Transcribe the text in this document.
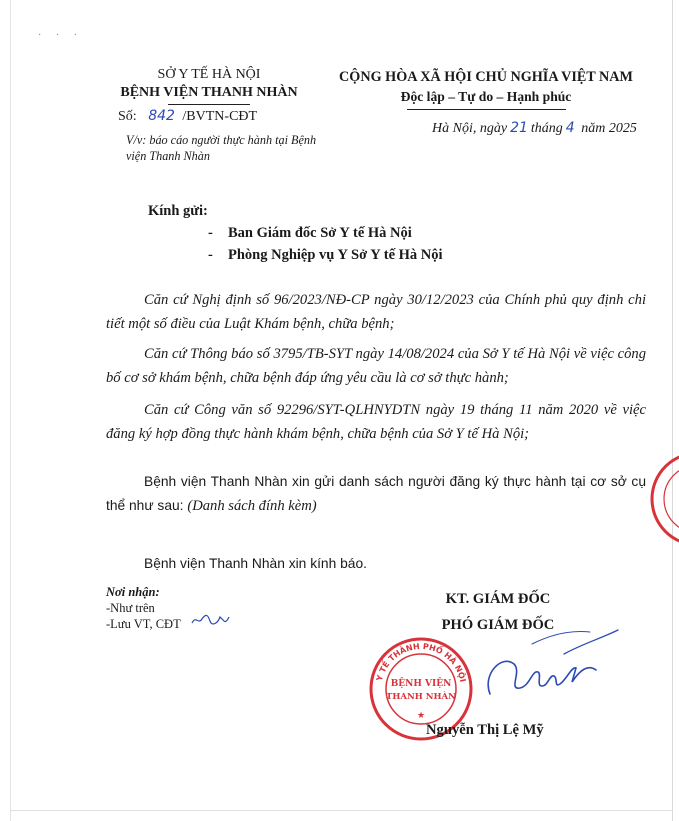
· · ·
SỞ Y TẾ HÀ NỘI
BỆNH VIỆN THANH NHÀN
Số: 842 /BVTN-CĐT
V/v: báo cáo người thực hành tại Bệnh viện Thanh Nhàn
CỘNG HÒA XÃ HỘI CHỦ NGHĨA VIỆT NAM
Độc lập – Tự do – Hạnh phúc
Hà Nội, ngày 21 tháng 4 năm 2025
Kính gửi:
- Ban Giám đốc Sở Y tế Hà Nội
- Phòng Nghiệp vụ Y Sở Y tế Hà Nội
Căn cứ Nghị định số 96/2023/NĐ-CP ngày 30/12/2023 của Chính phủ quy định chi tiết một số điều của Luật Khám bệnh, chữa bệnh;
Căn cứ Thông báo số 3795/TB-SYT ngày 14/08/2024 của Sở Y tế Hà Nội về việc công bố cơ sở khám bệnh, chữa bệnh đáp ứng yêu cầu là cơ sở thực hành;
Căn cứ Công văn số 92296/SYT-QLHNYDTN ngày 19 tháng 11 năm 2020 về việc đăng ký hợp đồng thực hành khám bệnh, chữa bệnh của Sở Y tế Hà Nội;
Bệnh viện Thanh Nhàn xin gửi danh sách người đăng ký thực hành tại cơ sở cụ thể như sau: (Danh sách đính kèm)
Bệnh viện Thanh Nhàn xin kính báo.
Nơi nhận:
-Như trên
-Lưu VT, CĐT
KT. GIÁM ĐỐC
PHÓ GIÁM ĐỐC
Y TẾ THÀNH PHỐ HÀ NỘI
BỆNH VIỆN
THANH NHÀN
★
Nguyễn Thị Lệ Mỹ
